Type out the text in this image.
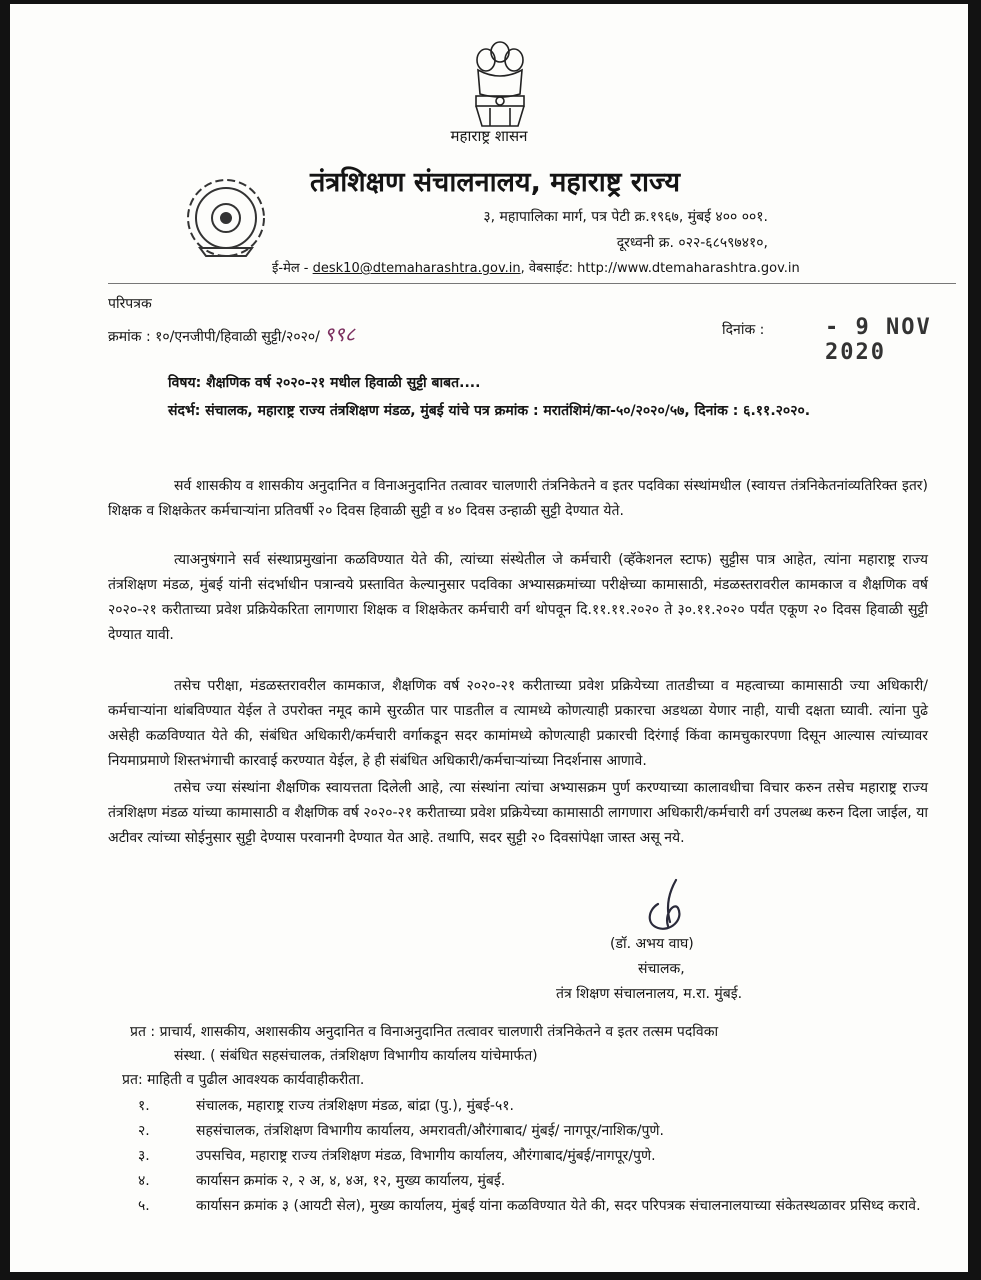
महाराष्ट्र शासन
तंत्रशिक्षण संचालनालय, महाराष्ट्र राज्य
३, महापालिका मार्ग, पत्र पेटी क्र.१९६७, मुंबई ४०० ००१.
दूरध्वनी क्र. ०२२-६८५९७४१०,
ई-मेल - desk10@dtemaharashtra.gov.in, वेबसाईट: http://www.dtemaharashtra.gov.in
परिपत्रक
क्रमांक : १०/एनजीपी/हिवाळी सुट्टी/२०२०/ ९९८	दिनांक :	- 9 NOV 2020
विषय: शैक्षणिक वर्ष २०२०-२१ मधील हिवाळी सुट्टी बाबत....
संदर्भ: संचालक, महाराष्ट्र राज्य तंत्रशिक्षण मंडळ, मुंबई यांचे पत्र क्रमांक : मरातंशिमं/का-५०/२०२०/५७, दिनांक : ६.११.२०२०.
सर्व शासकीय व शासकीय अनुदानित व विनाअनुदानित तत्वावर चालणारी तंत्रनिकेतने व इतर पदविका संस्थांमधील (स्वायत्त तंत्रनिकेतनांव्यतिरिक्त इतर) शिक्षक व शिक्षकेतर कर्मचाऱ्यांना प्रतिवर्षी २० दिवस हिवाळी सुट्टी व ४० दिवस उन्हाळी सुट्टी देण्यात येते.
त्याअनुषंगाने सर्व संस्थाप्रमुखांना कळविण्यात येते की, त्यांच्या संस्थेतील जे कर्मचारी (व्हॅकेशनल स्टाफ) सुट्टीस पात्र आहेत, त्यांना महाराष्ट्र राज्य तंत्रशिक्षण मंडळ, मुंबई यांनी संदर्भाधीन पत्रान्वये प्रस्तावित केल्यानुसार पदविका अभ्यासक्रमांच्या परीक्षेच्या कामासाठी, मंडळस्तरावरील कामकाज व शैक्षणिक वर्ष २०२०-२१ करीताच्या प्रवेश प्रक्रियेकरिता लागणारा शिक्षक व शिक्षकेतर कर्मचारी वर्ग थोपवून दि.११.११.२०२० ते ३०.११.२०२० पर्यंत एकूण २० दिवस हिवाळी सुट्टी देण्यात यावी.
तसेच परीक्षा, मंडळस्तरावरील कामकाज, शैक्षणिक वर्ष २०२०-२१ करीताच्या प्रवेश प्रक्रियेच्या तातडीच्या व महत्वाच्या कामासाठी ज्या अधिकारी/कर्मचाऱ्यांना थांबविण्यात येईल ते उपरोक्त नमूद कामे सुरळीत पार पाडतील व त्यामध्ये कोणत्याही प्रकारचा अडथळा येणार नाही, याची दक्षता घ्यावी. त्यांना पुढे असेही कळविण्यात येते की, संबंधित अधिकारी/कर्मचारी वर्गाकडून सदर कामांमध्ये कोणत्याही प्रकारची दिरंगाई किंवा कामचुकारपणा दिसून आल्यास त्यांच्यावर नियमाप्रमाणे शिस्तभंगाची कारवाई करण्यात येईल, हे ही संबंधित अधिकारी/कर्मचाऱ्यांच्या निदर्शनास आणावे.
तसेच ज्या संस्थांना शैक्षणिक स्वायत्तता दिलेली आहे, त्या संस्थांना त्यांचा अभ्यासक्रम पुर्ण करण्याच्या कालावधीचा विचार करुन तसेच महाराष्ट्र राज्य तंत्रशिक्षण मंडळ यांच्या कामासाठी व शैक्षणिक वर्ष २०२०-२१ करीताच्या प्रवेश प्रक्रियेच्या कामासाठी लागणारा अधिकारी/कर्मचारी वर्ग उपलब्ध करुन दिला जाईल, या अटीवर त्यांच्या सोईनुसार सुट्टी देण्यास परवानगी देण्यात येत आहे. तथापि, सदर सुट्टी २० दिवसांपेक्षा जास्त असू नये.
(डॉ. अभय वाघ)
संचालक,
तंत्र शिक्षण संचालनालय, म.रा. मुंबई.
प्रत : प्राचार्य, शासकीय, अशासकीय अनुदानित व विनाअनुदानित तत्वावर चालणारी तंत्रनिकेतने व इतर तत्सम पदविका
संस्था. ( संबंधित सहसंचालक, तंत्रशिक्षण विभागीय कार्यालय यांचेमार्फत)
प्रत: माहिती व पुढील आवश्यक कार्यवाहीकरीता.
१.	संचालक, महाराष्ट्र राज्य तंत्रशिक्षण मंडळ, बांद्रा (पु.), मुंबई-५१.
२.	सहसंचालक, तंत्रशिक्षण विभागीय कार्यालय, अमरावती/औरंगाबाद/ मुंबई/ नागपूर/नाशिक/पुणे.
३.	उपसचिव, महाराष्ट्र राज्य तंत्रशिक्षण मंडळ, विभागीय कार्यालय, औरंगाबाद/मुंबई/नागपूर/पुणे.
४.	कार्यासन क्रमांक २, २ अ, ४, ४अ, १२, मुख्य कार्यालय, मुंबई.
५.	कार्यासन क्रमांक ३ (आयटी सेल), मुख्य कार्यालय, मुंबई यांना कळविण्यात येते की, सदर परिपत्रक संचालनालयाच्या संकेतस्थळावर प्रसिध्द करावे.
